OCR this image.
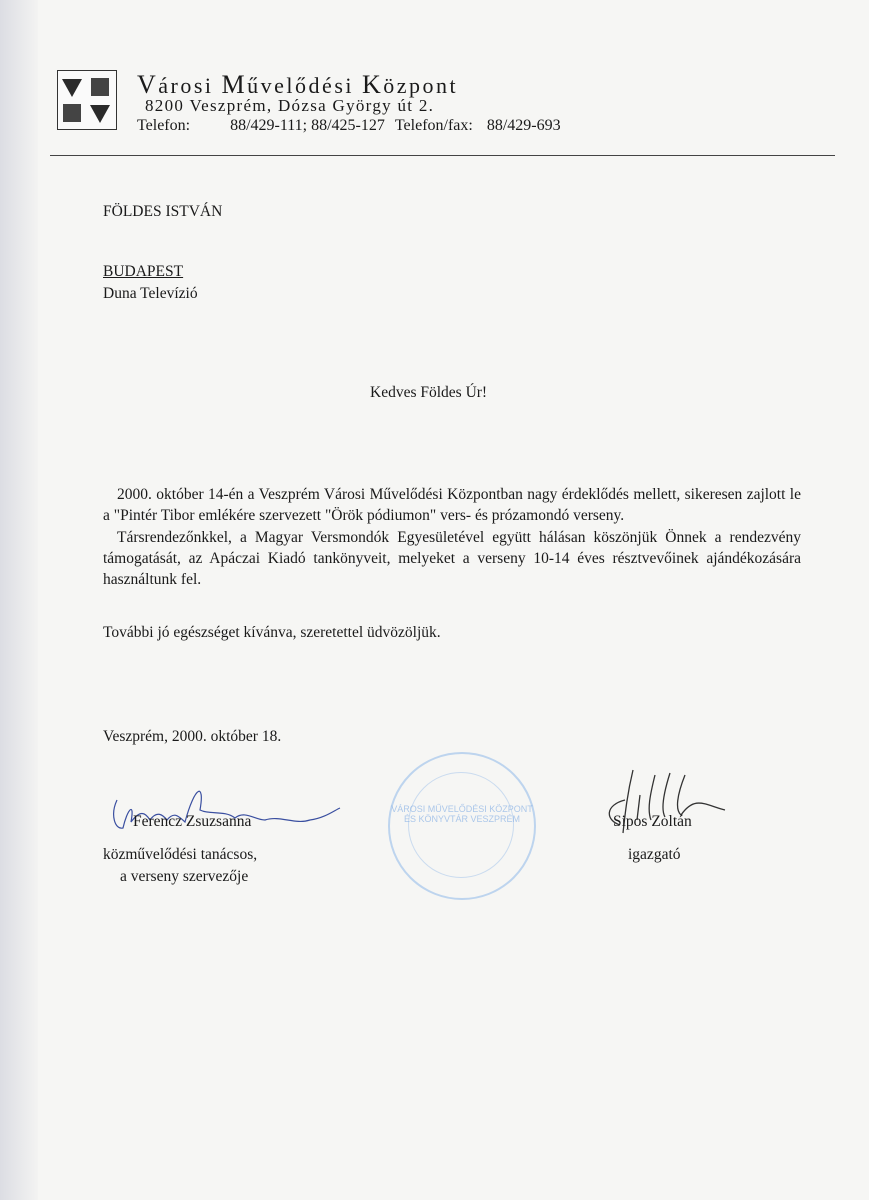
Városi Művelődési Központ
8200 Veszprém, Dózsa György út 2.
Telefon:	88/429-111; 88/425-127 Telefon/fax: 88/429-693
FÖLDES ISTVÁN
BUDAPEST
Duna Televízió
Kedves Földes Úr!

2000. október 14-én a Veszprém Városi Művelődési Központban nagy érdeklődés mellett, sikeresen zajlott le a "Pintér Tibor emlékére szervezett "Örök pódiumon" vers- és prózamondó verseny.

Társrendezőnkkel, a Magyar Versmondók Egyesületével együtt hálásan köszönjük Önnek a rendezvény támogatását, az Apáczai Kiadó tankönyveit, melyeket a verseny 10-14 éves résztvevőinek ajándékozására használtunk fel.

További jó egészséget kívánva, szeretettel üdvözöljük.
Veszprém, 2000. október 18.
Ferencz Zsuzsanna
közművelődési tanácsos,
a verseny szervezője
VÁROSI MŰVELŐDÉSI KÖZPONT ÉS KÖNYVTÁR VESZPRÉM	Sipos Zoltán
igazgató
